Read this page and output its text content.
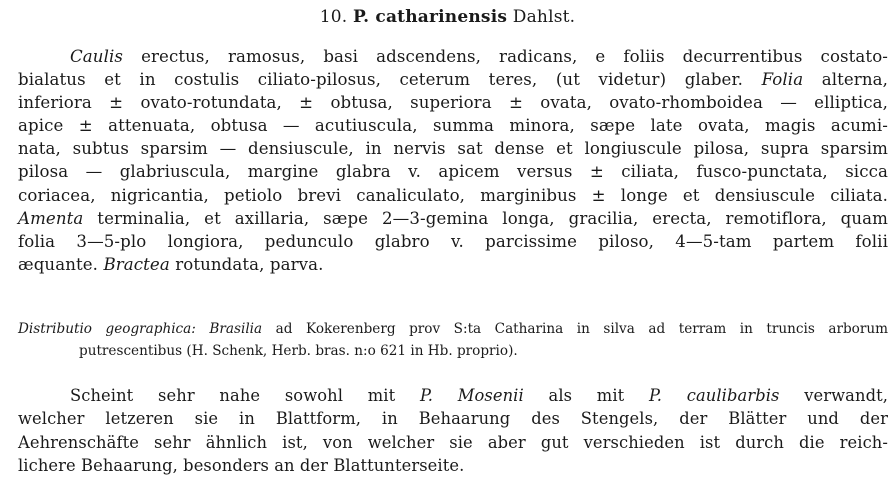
10. P. catharinensis Dahlst.
Caulis erectus, ramosus, basi adscendens, radicans, e foliis decurrentibus costato-
bialatus et in costulis ciliato-pilosus, ceterum teres, (ut videtur) glaber. Folia alterna,
inferiora ± ovato-rotundata, ± obtusa, superiora ± ovata, ovato-rhomboidea — elliptica,
apice ± attenuata, obtusa — acutiuscula, summa minora, sæpe late ovata, magis acumi-
nata, subtus sparsim — densiuscule, in nervis sat dense et longiuscule pilosa, supra sparsim
pilosa — glabriuscula, margine glabra v. apicem versus ± ciliata, fusco-punctata, sicca
coriacea, nigricantia, petiolo brevi canaliculato, marginibus ± longe et densiuscule ciliata.
Amenta terminalia, et axillaria, sæpe 2—3-gemina longa, gracilia, erecta, remotiflora, quam
folia 3—5-plo longiora, pedunculo glabro v. parcissime piloso, 4—5-tam partem folii
æquante. Bractea rotundata, parva.
Distributio geographica: Brasilia ad Kokerenberg prov S:ta Catharina in silva ad terram in truncis arborum
putrescentibus (H. Schenk, Herb. bras. n:o 621 in Hb. proprio).
Scheint sehr nahe sowohl mit P. Mosenii als mit P. caulibarbis verwandt,
welcher letzeren sie in Blattform, in Behaarung des Stengels, der Blätter und der
Aehrenschäfte sehr ähnlich ist, von welcher sie aber gut verschieden ist durch die reich-
lichere Behaarung, besonders an der Blattunterseite.
